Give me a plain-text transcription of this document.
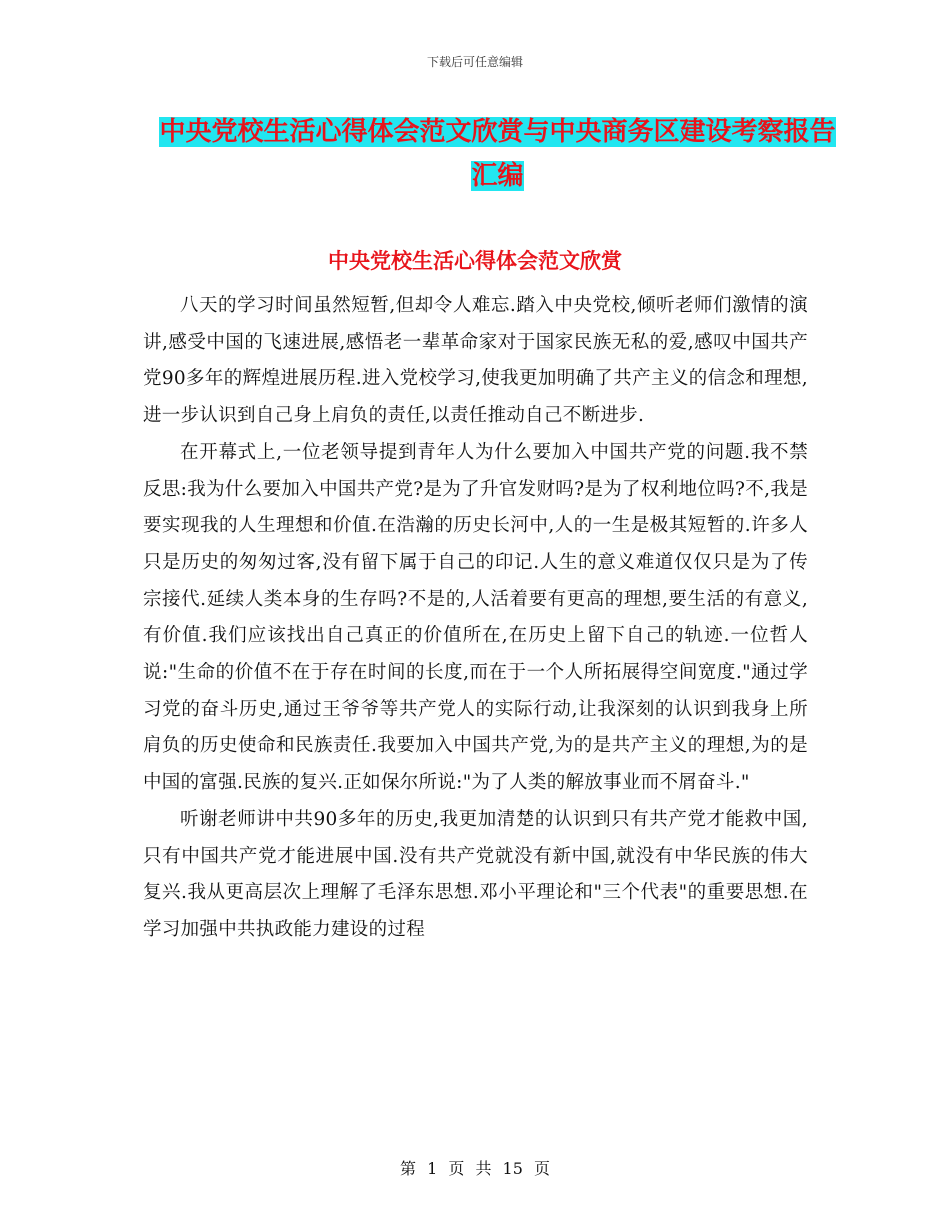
下载后可任意编辑
中央党校生活心得体会范文欣赏与中央商务区建设考察报告汇编
中央党校生活心得体会范文欣赏

八天的学习时间虽然短暂,但却令人难忘.踏入中央党校,倾听老师们激情的演讲,感受中国的飞速进展,感悟老一辈革命家对于国家民族无私的爱,感叹中国共产党90多年的辉煌进展历程.进入党校学习,使我更加明确了共产主义的信念和理想,进一步认识到自己身上肩负的责任,以责任推动自己不断进步.

在开幕式上,一位老领导提到青年人为什么要加入中国共产党的问题.我不禁反思:我为什么要加入中国共产党?是为了升官发财吗?是为了权利地位吗?不,我是要实现我的人生理想和价值.在浩瀚的历史长河中,人的一生是极其短暂的.许多人只是历史的匆匆过客,没有留下属于自己的印记.人生的意义难道仅仅只是为了传宗接代.延续人类本身的生存吗?不是的,人活着要有更高的理想,要生活的有意义,有价值.我们应该找出自己真正的价值所在,在历史上留下自己的轨迹.一位哲人说:"生命的价值不在于存在时间的长度,而在于一个人所拓展得空间宽度."通过学习党的奋斗历史,通过王爷爷等共产党人的实际行动,让我深刻的认识到我身上所肩负的历史使命和民族责任.我要加入中国共产党,为的是共产主义的理想,为的是中国的富强.民族的复兴.正如保尔所说:"为了人类的解放事业而不屑奋斗."

听谢老师讲中共90多年的历史,我更加清楚的认识到只有共产党才能救中国,只有中国共产党才能进展中国.没有共产党就没有新中国,就没有中华民族的伟大复兴.我从更高层次上理解了毛泽东思想.邓小平理论和"三个代表"的重要思想.在学习加强中共执政能力建设的过程

第 1 页 共 15 页
